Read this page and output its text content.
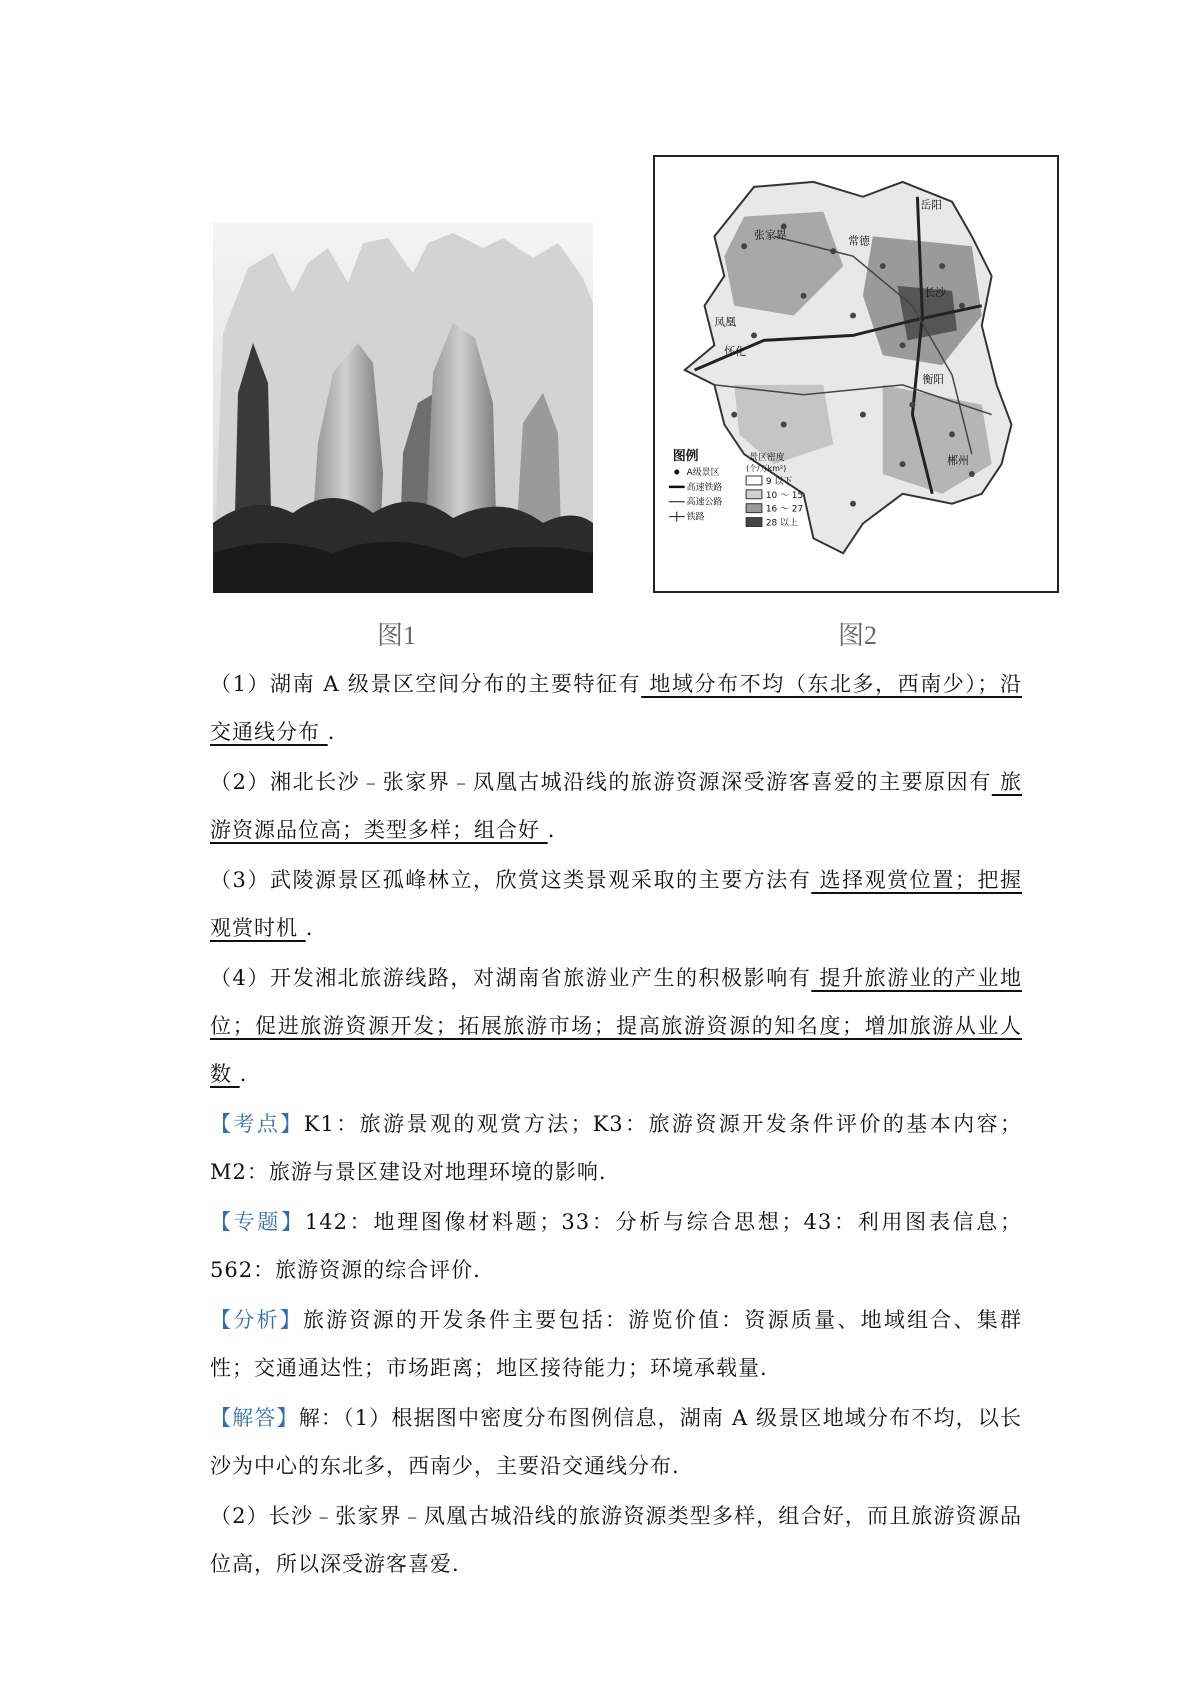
岳阳
张家界	常德
长沙
凤凰
怀化
衡阳
郴州
图例
A级景区
高速铁路
高速公路
铁路
景区密度
(个/万km²)
9 以下
10 ～ 15
16 ～ 27
28 以上
图1	图2

（1）湖南 A 级景区空间分布的主要特征有 地域分布不均（东北多，西南少）；沿交通线分布 .

（2）湘北长沙﹣张家界﹣凤凰古城沿线的旅游资源深受游客喜爱的主要原因有 旅游资源品位高；类型多样；组合好 .

（3）武陵源景区孤峰林立，欣赏这类景观采取的主要方法有 选择观赏位置；把握观赏时机 .

（4）开发湘北旅游线路，对湖南省旅游业产生的积极影响有 提升旅游业的产业地位；促进旅游资源开发；拓展旅游市场；提高旅游资源的知名度；增加旅游从业人数 .

【考点】K1：旅游景观的观赏方法；K3：旅游资源开发条件评价的基本内容；M2：旅游与景区建设对地理环境的影响.

【专题】142：地理图像材料题；33：分析与综合思想；43：利用图表信息；562：旅游资源的综合评价.

【分析】旅游资源的开发条件主要包括：游览价值：资源质量、地域组合、集群性；交通通达性；市场距离；地区接待能力；环境承载量.

【解答】解：（1）根据图中密度分布图例信息，湖南 A 级景区地域分布不均，以长沙为中心的东北多，西南少，主要沿交通线分布.

（2）长沙﹣张家界﹣凤凰古城沿线的旅游资源类型多样，组合好，而且旅游资源品位高，所以深受游客喜爱.
